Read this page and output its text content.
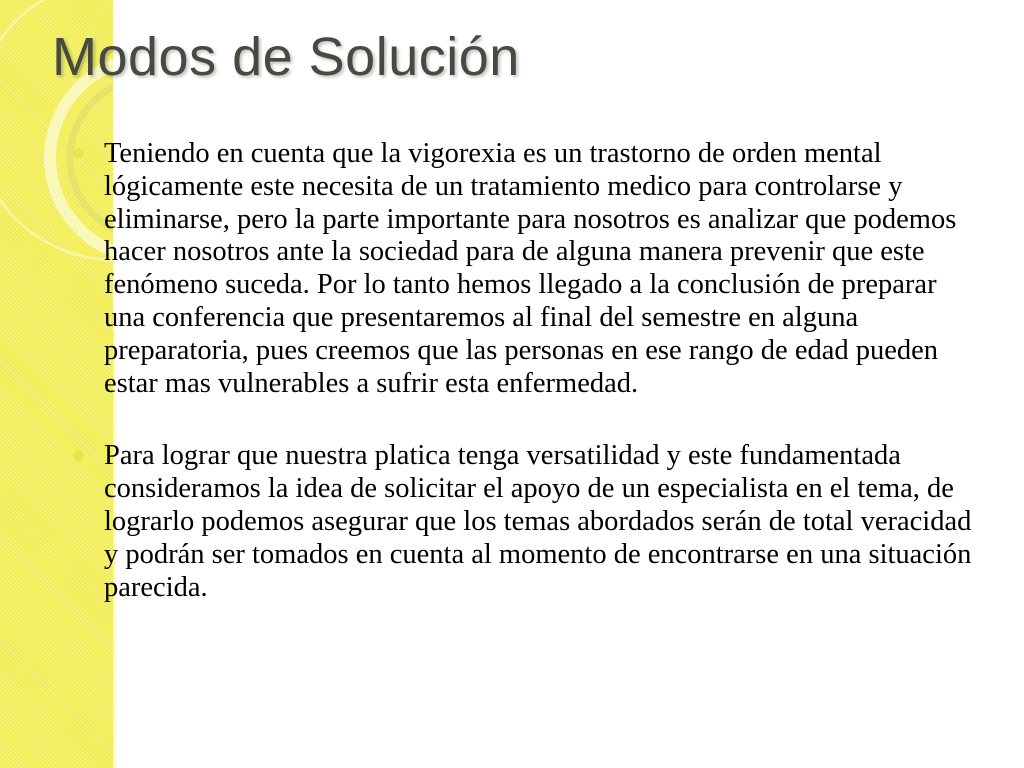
Modos de Solución
Teniendo en cuenta que la vigorexia es un trastorno de orden mental lógicamente este necesita de un tratamiento medico para controlarse y eliminarse, pero la parte importante para nosotros es analizar que podemos hacer nosotros ante la sociedad para de alguna manera prevenir que este fenómeno suceda. Por lo tanto hemos llegado a la conclusión de preparar una conferencia que presentaremos al final del semestre en alguna preparatoria, pues creemos que las personas en ese rango de edad pueden estar mas vulnerables a sufrir esta enfermedad.
Para lograr que nuestra platica tenga versatilidad y este fundamentada consideramos la idea de solicitar el apoyo de un especialista en el tema, de lograrlo podemos asegurar que los temas abordados serán de total veracidad y podrán ser tomados en cuenta al momento de encontrarse en una situación parecida.
